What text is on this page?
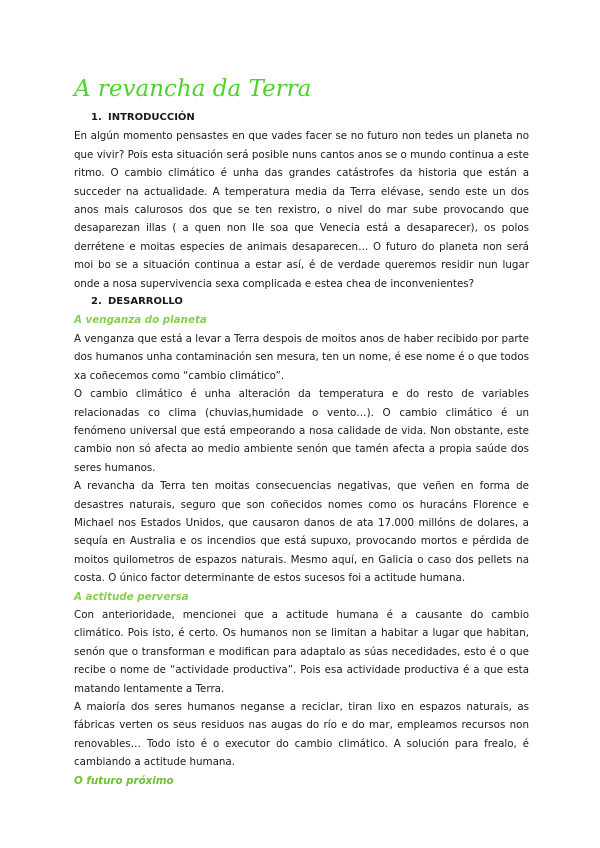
A revancha da Terra
1. INTRODUCCIÓN

En algún momento pensastes en que vades facer se no futuro non tedes un planeta no que vivir? Pois esta situación será posible nuns cantos anos se o mundo continua a este ritmo. O cambio climático é unha das grandes catástrofes da historia que están a succeder na actualidade. A temperatura media da Terra elévase, sendo este un dos anos mais calurosos dos que se ten rexistro, o nivel do mar sube provocando que desaparezan illas ( a quen non lle soa que Venecia está a desaparecer), os polos derrétene e moitas especies de animais desaparecen… O futuro do planeta non será moi bo se a situación continua a estar así, é de verdade queremos residir nun lugar onde a nosa supervivencia sexa complicada e estea chea de inconvenientes?

2. DESARROLLO
A venganza do planeta

A venganza que está a levar a Terra despois de moitos anos de haber recibido por parte dos humanos unha contaminación sen mesura, ten un nome, é ese nome é o que todos xa coñecemos como “cambio climático”.

O cambio climático é unha alteración da temperatura e do resto de variables relacionadas co clima (chuvias,humidade o vento…). O cambio climático é un fenómeno universal que está empeorando a nosa calidade de vida. Non obstante, este cambio non só afecta ao medio ambiente senón que tamén afecta a propia saúde dos seres humanos.

A revancha da Terra ten moitas consecuencias negativas, que veñen en forma de desastres naturais, seguro que son coñecidos nomes como os huracáns Florence e Michael nos Estados Unidos, que causaron danos de ata 17.000 millóns de dolares, a sequía en Australia e os incendios que está supuxo, provocando mortos e pérdida de moitos quilometros de espazos naturais. Mesmo aquí, en Galicia o caso dos pellets na costa. O único factor determinante de estos sucesos foi a actitude humana.

A actitude perversa

Con anterioridade, mencionei que a actitude humana é a causante do cambio climático. Pois isto, é certo. Os humanos non se limitan a habitar a lugar que habitan, senón que o transforman e modifican para adaptalo as súas necedidades, esto é o que recibe o nome de “actividade productiva”. Pois esa actividade productiva é a que esta matando lentamente a Terra.

A maioría dos seres humanos neganse a reciclar, tiran lixo en espazos naturais, as fábricas verten os seus residuos nas augas do río e do mar, empleamos recursos non renovables… Todo isto é o executor do cambio climático. A solución para frealo, é cambiando a actitude humana.

O futuro próximo
